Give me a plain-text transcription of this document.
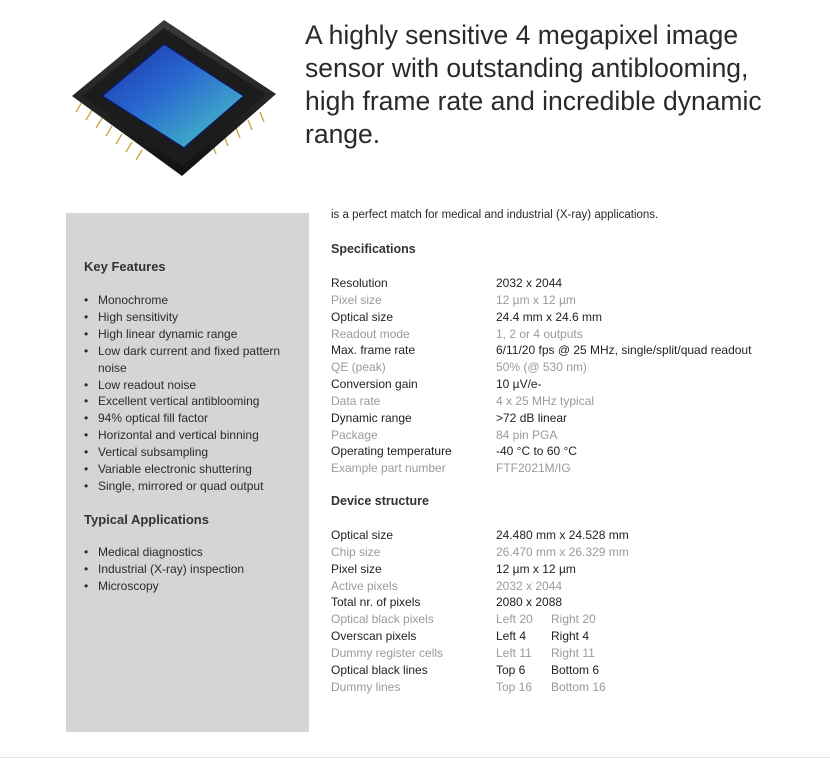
A highly sensitive 4 megapixel image sensor with outstanding antiblooming, high frame rate and incredible dynamic range.
Key Features
• Monochrome
• High sensitivity
• High linear dynamic range
• Low dark current and fixed pattern noise
• Low readout noise
• Excellent vertical antiblooming
• 94% optical fill factor
• Horizontal and vertical binning
• Vertical subsampling
• Variable electronic shuttering
• Single, mirrored or quad output
Typical Applications
• Medical diagnostics
• Industrial (X-ray) inspection
• Microscopy
is a perfect match for medical and industrial (X-ray) applications.
Specifications
Resolution	2032 x 2044
Pixel size	12 µm x 12 µm
Optical size	24.4 mm x 24.6 mm
Readout mode	1, 2 or 4 outputs
Max. frame rate	6/11/20 fps @ 25 MHz, single/split/quad readout
QE (peak)	50% (@ 530 nm)
Conversion gain	10 µV/e-
Data rate	4 x 25 MHz typical
Dynamic range	>72 dB linear
Package	84 pin PGA
Operating temperature	-40 °C to 60 °C
Example part number	FTF2021M/IG
Device structure
Optical size	24.480 mm x 24.528 mm
Chip size	26.470 mm x 26.329 mm
Pixel size	12 µm x 12 µm
Active pixels	2032 x 2044
Total nr. of pixels	2080 x 2088
Optical black pixels	Left 20 Right 20
Overscan pixels	Left 4 Right 4
Dummy register cells	Left 11 Right 11
Optical black lines	Top 6 Bottom 6
Dummy lines	Top 16 Bottom 16
